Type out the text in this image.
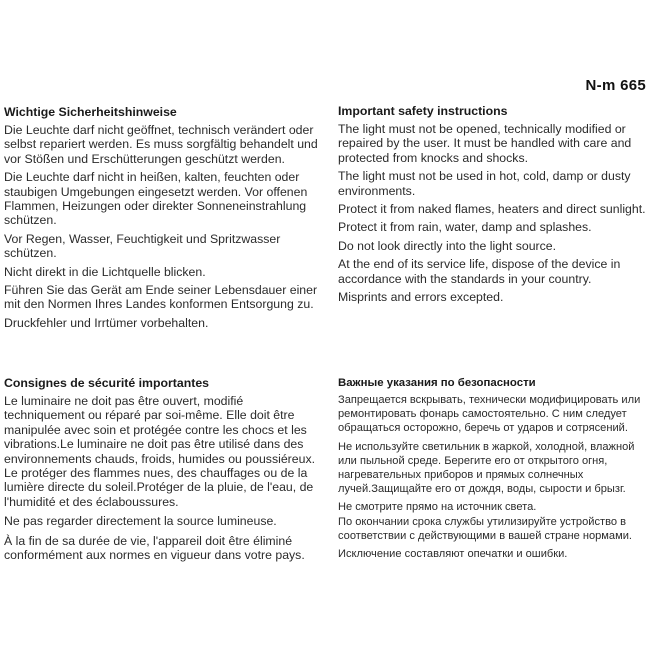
N-m 665
Wichtige Sicherheitshinweise

Die Leuchte darf nicht geöffnet, technisch verändert oder selbst repariert werden. Es muss sorgfältig behandelt und vor Stößen und Erschütterungen geschützt werden.

Die Leuchte darf nicht in heißen, kalten, feuchten oder staubigen Umgebungen eingesetzt werden. Vor offenen Flammen, Heizungen oder direkter Sonneneinstrahlung schützen.

Vor Regen, Wasser, Feuchtigkeit und Spritzwasser schützen.

Nicht direkt in die Lichtquelle blicken.

Führen Sie das Gerät am Ende seiner Lebensdauer einer mit den Normen Ihres Landes konformen Entsorgung zu.

Druckfehler und Irrtümer vorbehalten.

Important safety instructions

The light must not be opened, technically modified or repaired by the user. It must be handled with care and protected from knocks and shocks.

The light must not be used in hot, cold, damp or dusty environments.

Protect it from naked flames, heaters and direct sunlight.

Protect it from rain, water, damp and splashes.

Do not look directly into the light source.

At the end of its service life, dispose of the device in accordance with the standards in your country.

Misprints and errors excepted.

Consignes de sécurité importantes

Le luminaire ne doit pas être ouvert, modifié techniquement ou réparé par soi-même. Elle doit être manipulée avec soin et protégée contre les chocs et les vibrations.Le luminaire ne doit pas être utilisé dans des environnements chauds, froids, humides ou poussiéreux. Le protéger des flammes nues, des chauffages ou de la lumière directe du soleil.Protéger de la pluie, de l'eau, de l'humidité et des éclaboussures.

Ne pas regarder directement la source lumineuse.

À la fin de sa durée de vie, l'appareil doit être éliminé conformément aux normes en vigueur dans votre pays.

Важные указания по безопасности

Запрещается вскрывать, технически модифицировать или ремонтировать фонарь самостоятельно. С ним следует обращаться осторожно, беречь от ударов и сотрясений.

Не используйте светильник в жаркой, холодной, влажной или пыльной среде. Берегите его от открытого огня, нагревательных приборов и прямых солнечных лучей.Защищайте его от дождя, воды, сырости и брызг.

Не смотрите прямо на источник света.
По окончании срока службы утилизируйте устройство в соответствии с действующими в вашей стране нормами.

Исключение составляют опечатки и ошибки.
